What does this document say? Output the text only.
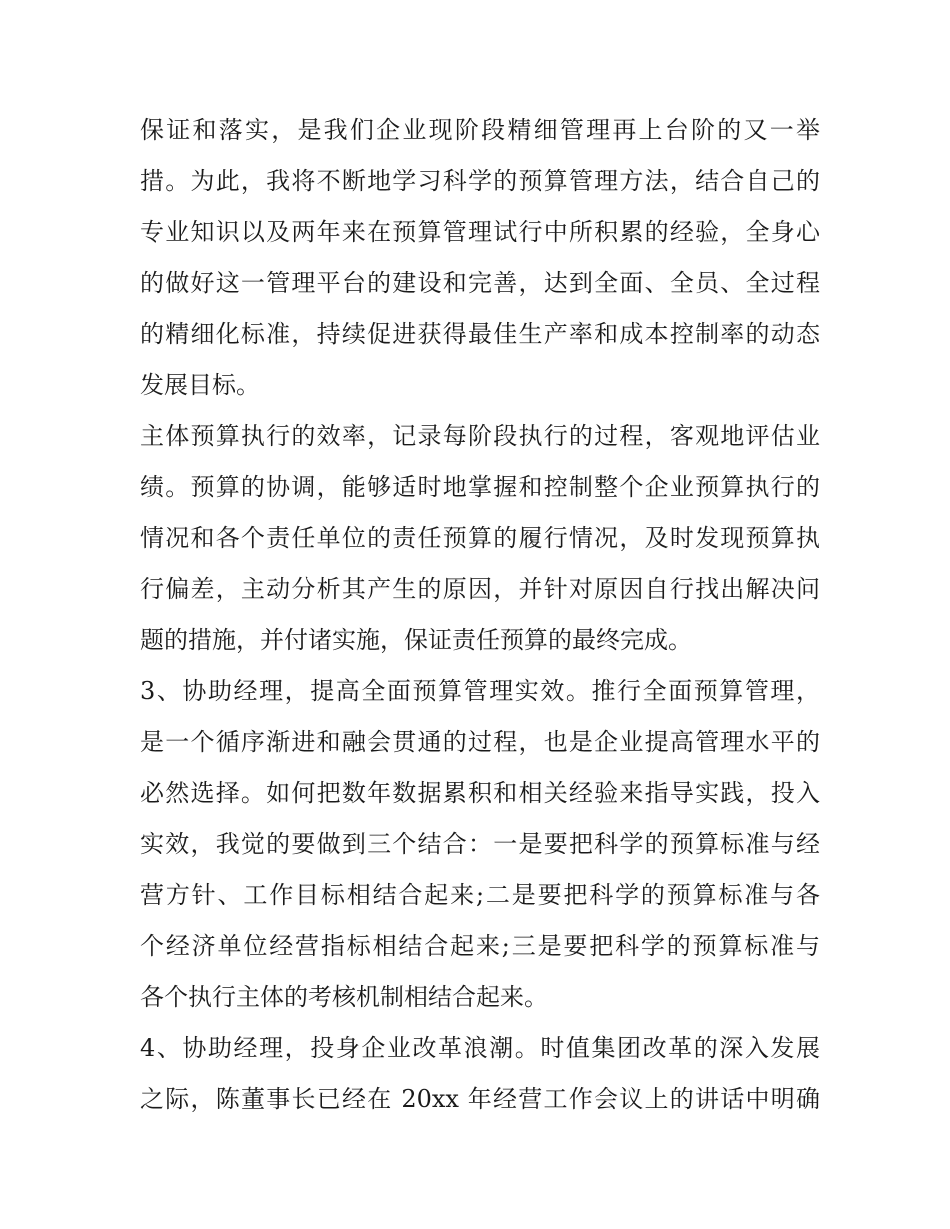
保证和落实，是我们企业现阶段精细管理再上台阶的又一举
措。为此，我将不断地学习科学的预算管理方法，结合自己的
专业知识以及两年来在预算管理试行中所积累的经验，全身心
的做好这一管理平台的建设和完善，达到全面、全员、全过程
的精细化标准，持续促进获得最佳生产率和成本控制率的动态
发展目标。
主体预算执行的效率，记录每阶段执行的过程，客观地评估业
绩。预算的协调，能够适时地掌握和控制整个企业预算执行的
情况和各个责任单位的责任预算的履行情况，及时发现预算执
行偏差，主动分析其产生的原因，并针对原因自行找出解决问
题的措施，并付诸实施，保证责任预算的最终完成。
3、协助经理，提高全面预算管理实效。推行全面预算管理，
是一个循序渐进和融会贯通的过程，也是企业提高管理水平的
必然选择。如何把数年数据累积和相关经验来指导实践，投入
实效，我觉的要做到三个结合：一是要把科学的预算标准与经
营方针、工作目标相结合起来;二是要把科学的预算标准与各
个经济单位经营指标相结合起来;三是要把科学的预算标准与
各个执行主体的考核机制相结合起来。
4、协助经理，投身企业改革浪潮。时值集团改革的深入发展
之际，陈董事长已经在 20xx 年经营工作会议上的讲话中明确
